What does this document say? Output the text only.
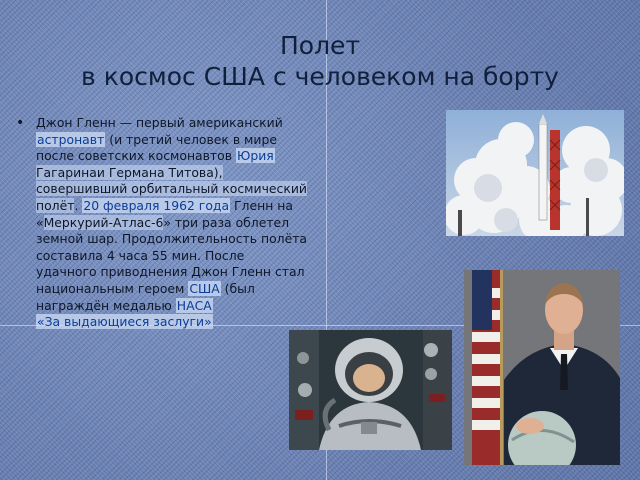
Полет
в космос США с человеком на борту
• Джон Гленн — первый американский астронавт (и третий человек в мире после советских космонавтов Юрия Гагаринаи Германа Титова), совершивший орбитальный космический полёт. 20 февраля 1962 года Гленн на «Меркурий-Атлас-6» три раза облетел земной шар. Продолжительность полёта составила 4 часа 55 мин. После удачного приводнения Джон Гленн стал национальным героем США (был награждён медалью НАСА
«За выдающиеся заслуги»
